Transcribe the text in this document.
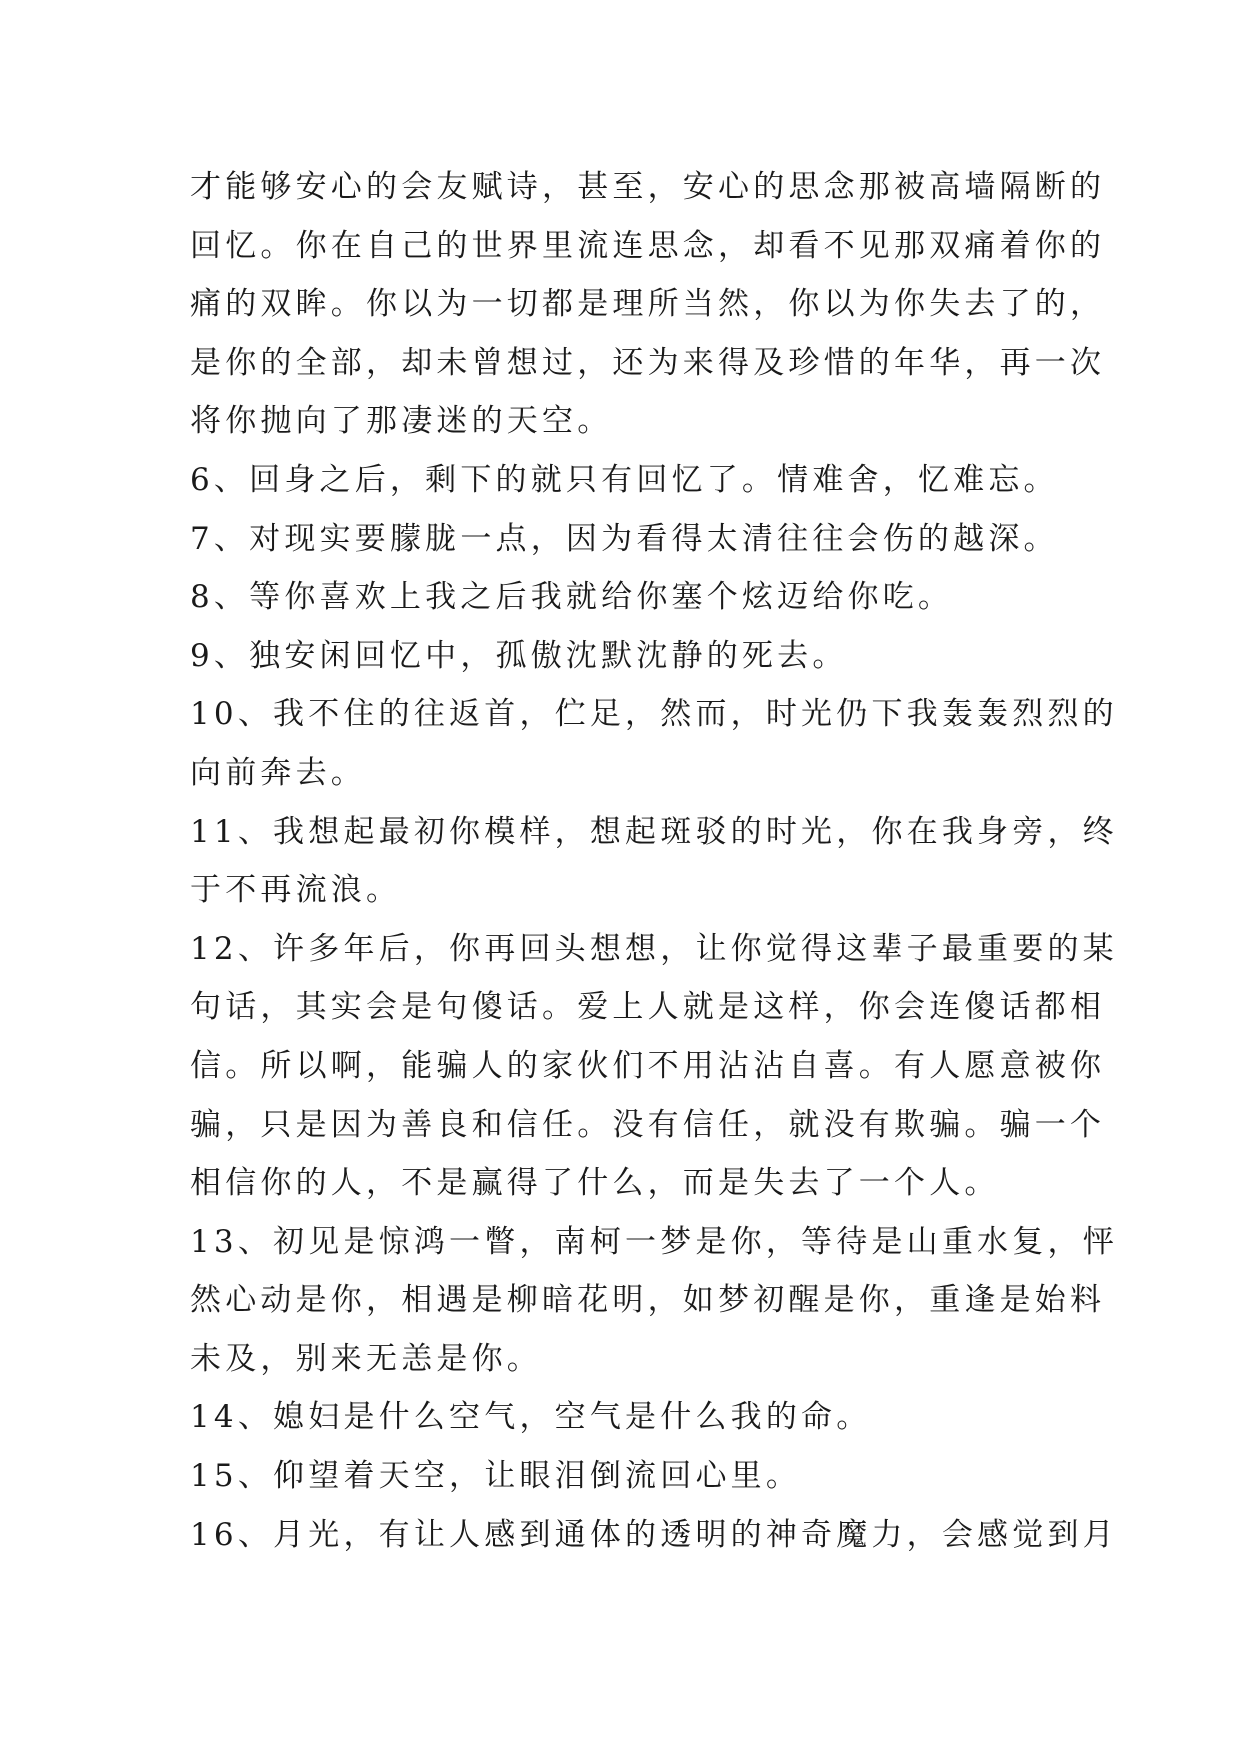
才能够安心的会友赋诗，甚至，安心的思念那被高墙隔断的
回忆。你在自己的世界里流连思念，却看不见那双痛着你的
痛的双眸。你以为一切都是理所当然，你以为你失去了的，
是你的全部，却未曾想过，还为来得及珍惜的年华，再一次
将你抛向了那凄迷的天空。
6、回身之后，剩下的就只有回忆了。情难舍，忆难忘。
7、对现实要朦胧一点，因为看得太清往往会伤的越深。
8、等你喜欢上我之后我就给你塞个炫迈给你吃。
9、独安闲回忆中，孤傲沈默沈静的死去。
10、我不住的往返首，伫足，然而，时光仍下我轰轰烈烈的
向前奔去。
11、我想起最初你模样，想起斑驳的时光，你在我身旁，终
于不再流浪。
12、许多年后，你再回头想想，让你觉得这辈子最重要的某
句话，其实会是句傻话。爱上人就是这样，你会连傻话都相
信。所以啊，能骗人的家伙们不用沾沾自喜。有人愿意被你
骗，只是因为善良和信任。没有信任，就没有欺骗。骗一个
相信你的人，不是赢得了什么，而是失去了一个人。
13、初见是惊鸿一瞥，南柯一梦是你，等待是山重水复，怦
然心动是你，相遇是柳暗花明，如梦初醒是你，重逢是始料
未及，别来无恙是你。
14、媳妇是什么空气，空气是什么我的命。
15、仰望着天空，让眼泪倒流回心里。
16、月光，有让人感到通体的透明的神奇魔力，会感觉到月
